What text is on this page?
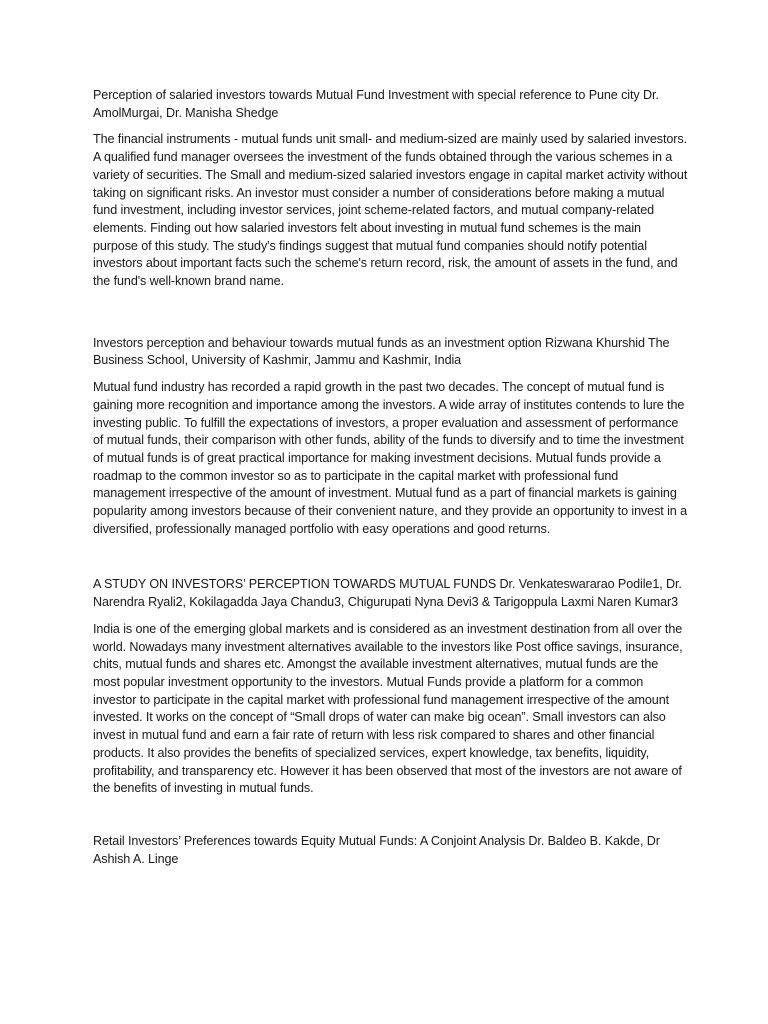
Perception of salaried investors towards Mutual Fund Investment with special reference to Pune city Dr. AmolMurgai, Dr. Manisha Shedge

The financial instruments - mutual funds unit small- and medium-sized are mainly used by salaried investors. A qualified fund manager oversees the investment of the funds obtained through the various schemes in a variety of securities. The Small and medium-sized salaried investors engage in capital market activity without taking on significant risks. An investor must consider a number of considerations before making a mutual fund investment, including investor services, joint scheme-related factors, and mutual company-related elements. Finding out how salaried investors felt about investing in mutual fund schemes is the main purpose of this study. The study's findings suggest that mutual fund companies should notify potential investors about important facts such the scheme's return record, risk, the amount of assets in the fund, and the fund's well-known brand name.

Investors perception and behaviour towards mutual funds as an investment option Rizwana Khurshid The Business School, University of Kashmir, Jammu and Kashmir, India

Mutual fund industry has recorded a rapid growth in the past two decades. The concept of mutual fund is gaining more recognition and importance among the investors. A wide array of institutes contends to lure the investing public. To fulfill the expectations of investors, a proper evaluation and assessment of performance of mutual funds, their comparison with other funds, ability of the funds to diversify and to time the investment of mutual funds is of great practical importance for making investment decisions. Mutual funds provide a roadmap to the common investor so as to participate in the capital market with professional fund management irrespective of the amount of investment. Mutual fund as a part of financial markets is gaining popularity among investors because of their convenient nature, and they provide an opportunity to invest in a diversified, professionally managed portfolio with easy operations and good returns.

A STUDY ON INVESTORS’ PERCEPTION TOWARDS MUTUAL FUNDS Dr. Venkateswararao Podile1, Dr. Narendra Ryali2, Kokilagadda Jaya Chandu3, Chigurupati Nyna Devi3 & Tarigoppula Laxmi Naren Kumar3

India is one of the emerging global markets and is considered as an investment destination from all over the world. Nowadays many investment alternatives available to the investors like Post office savings, insurance, chits, mutual funds and shares etc. Amongst the available investment alternatives, mutual funds are the most popular investment opportunity to the investors. Mutual Funds provide a platform for a common investor to participate in the capital market with professional fund management irrespective of the amount invested. It works on the concept of “Small drops of water can make big ocean”. Small investors can also invest in mutual fund and earn a fair rate of return with less risk compared to shares and other financial products. It also provides the benefits of specialized services, expert knowledge, tax benefits, liquidity, profitability, and transparency etc. However it has been observed that most of the investors are not aware of the benefits of investing in mutual funds.

Retail Investors’ Preferences towards Equity Mutual Funds: A Conjoint Analysis Dr. Baldeo B. Kakde, Dr Ashish A. Linge
